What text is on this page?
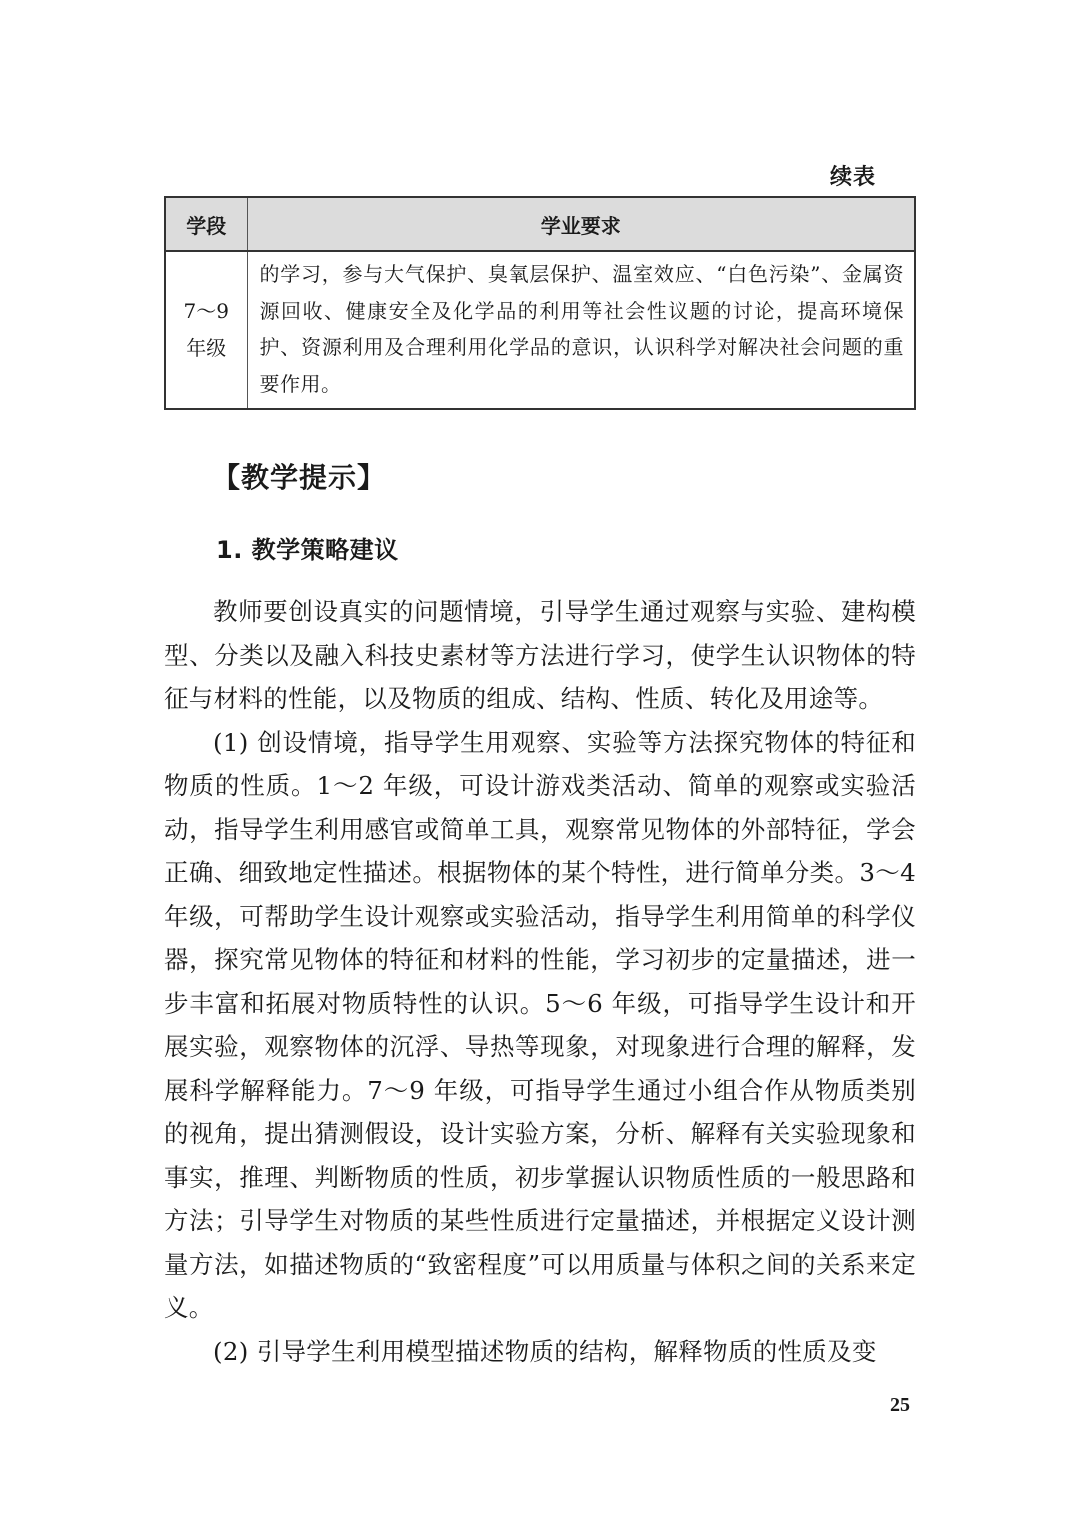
续表
学段	学业要求

7～9
年级	的学习，参与大气保护、臭氧层保护、温室效应、“白色污染”、金属资源回收、健康安全及化学品的利用等社会性议题的讨论，提高环境保护、资源利用及合理利用化学品的意识，认识科学对解决社会问题的重要作用。
【教学提示】
1. 教学策略建议

教师要创设真实的问题情境，引导学生通过观察与实验、建构模型、分类以及融入科技史素材等方法进行学习，使学生认识物体的特征与材料的性能，以及物质的组成、结构、性质、转化及用途等。

(1) 创设情境，指导学生用观察、实验等方法探究物体的特征和物质的性质。1～2 年级，可设计游戏类活动、简单的观察或实验活动，指导学生利用感官或简单工具，观察常见物体的外部特征，学会正确、细致地定性描述。根据物体的某个特性，进行简单分类。3～4 年级，可帮助学生设计观察或实验活动，指导学生利用简单的科学仪器，探究常见物体的特征和材料的性能，学习初步的定量描述，进一步丰富和拓展对物质特性的认识。5～6 年级，可指导学生设计和开展实验，观察物体的沉浮、导热等现象，对现象进行合理的解释，发展科学解释能力。7～9 年级，可指导学生通过小组合作从物质类别的视角，提出猜测假设，设计实验方案，分析、解释有关实验现象和事实，推理、判断物质的性质，初步掌握认识物质性质的一般思路和方法；引导学生对物质的某些性质进行定量描述，并根据定义设计测量方法，如描述物质的“致密程度”可以用质量与体积之间的关系来定义。

(2) 引导学生利用模型描述物质的结构，解释物质的性质及变

25
